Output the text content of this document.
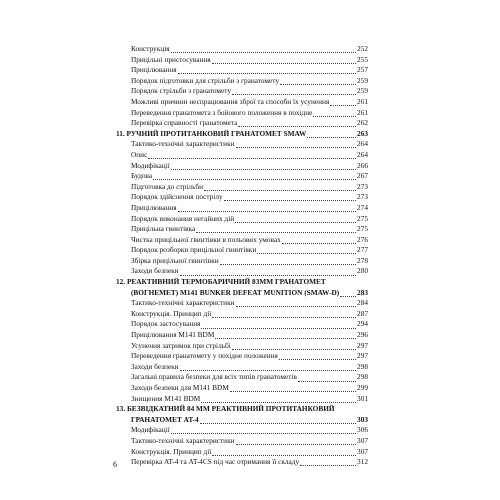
Конструкція	252
Прицільні пристосування	255
Прицілювання	257
Порядок підготовки для стрільби з гранатомету	259
Порядок стрільби з гранатомету	259
Можливі причини неспрацювання зброї та способи їх усунення	261
Переведення гранатомета з бойового положення в похідне	261
Перевірка справності гранатомета	262
11. РУЧНИЙ ПРОТИТАНКОВИЙ ГРАНАТОМЕТ SMAW	263
Тактико-технічні характеристики	264
Опис	264
Модифікації	266
Будова	267
Підготовка до стрільби	273
Порядок здійснення пострілу	273
Прицілювання	274
Порядок виконання негайних дій	275
Прицільна гвинтівка	275
Чистка прицільної гвинтівки в польових умовах	276
Порядок розборки прицільної гвинтівки	277
Збірка прицільної гвинтівки	278
Заходи безпеки	280
12. РЕАКТИВНИЙ ТЕРМОБАРИЧНИЙ 83ММ ГРАНАТОМЕТ
(ВОГНЕМЕТ) M141 BUNKER DEFEAT MUNITION (SMAW-D) 283
Тактико-технічні характеристики	284
Конструкція. Принцип дії	287
Порядок застосування	294
Прицілювання M141 BDM	296
Усунення затримок при стрільбі	297
Переведення гранатомету у похідне положення	297
Заходи безпеки	298
Загальні правила безпеки для всіх типів гранатометів	298
Заходи безпеки для M141 BDM	299
Знищення M141 BDM	301
13. БЕЗВІДКАТНИЙ 84 ММ РЕАКТИВНИЙ ПРОТИТАНКОВИЙ
ГРАНАТОМЕТ AT-4	303
Модифікації	306
Тактико-технічні характеристики	307
Конструкція. Принцип дії	307
Перевірка AT-4 та AT-4CS під час отримання її складу	312
6
